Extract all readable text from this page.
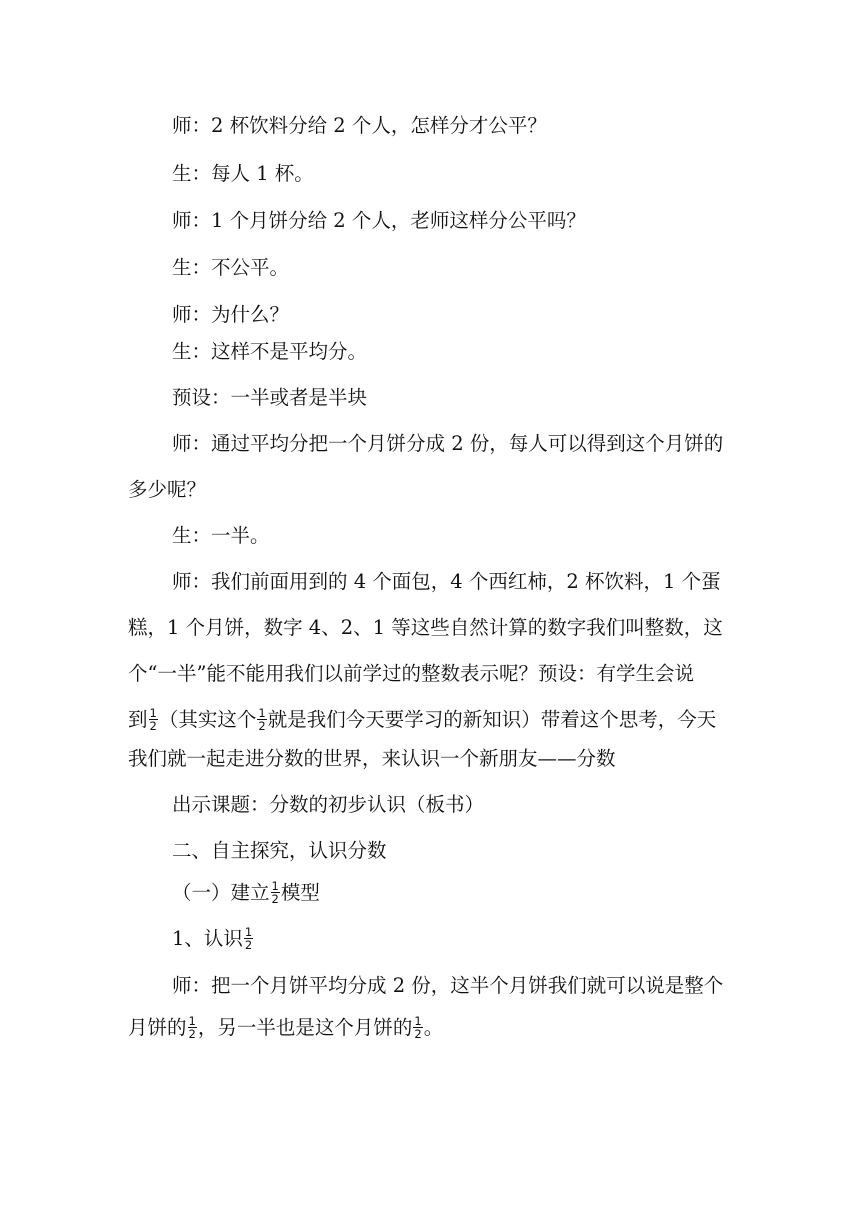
师：2 杯饮料分给 2 个人，怎样分才公平？
生：每人 1 杯。
师：1 个月饼分给 2 个人，老师这样分公平吗？
生：不公平。
师：为什么？
生：这样不是平均分。
预设：一半或者是半块
师：通过平均分把一个月饼分成 2 份，每人可以得到这个月饼的
多少呢？
生：一半。
师：我们前面用到的 4 个面包，4 个西红柿，2 杯饮料，1 个蛋
糕，1 个月饼，数字 4、2、1 等这些自然计算的数字我们叫整数，这
个“一半”能不能用我们以前学过的整数表示呢？预设：有学生会说
到 $\frac{1}{2}$ （其实这个 $\frac{1}{2}$ 就是我们今天要学习的新知识）带着这个思考，今天
我们就一起走进分数的世界，来认识一个新朋友——分数
出示课题：分数的初步认识（板书）
二、自主探究，认识分数
（一）建立 $\frac{1}{2}$ 模型
1、认识 $\frac{1}{2}$
师：把一个月饼平均分成 2 份，这半个月饼我们就可以说是整个
月饼的 $\frac{1}{2}$ ，另一半也是这个月饼的 $\frac{1}{2}$ 。
